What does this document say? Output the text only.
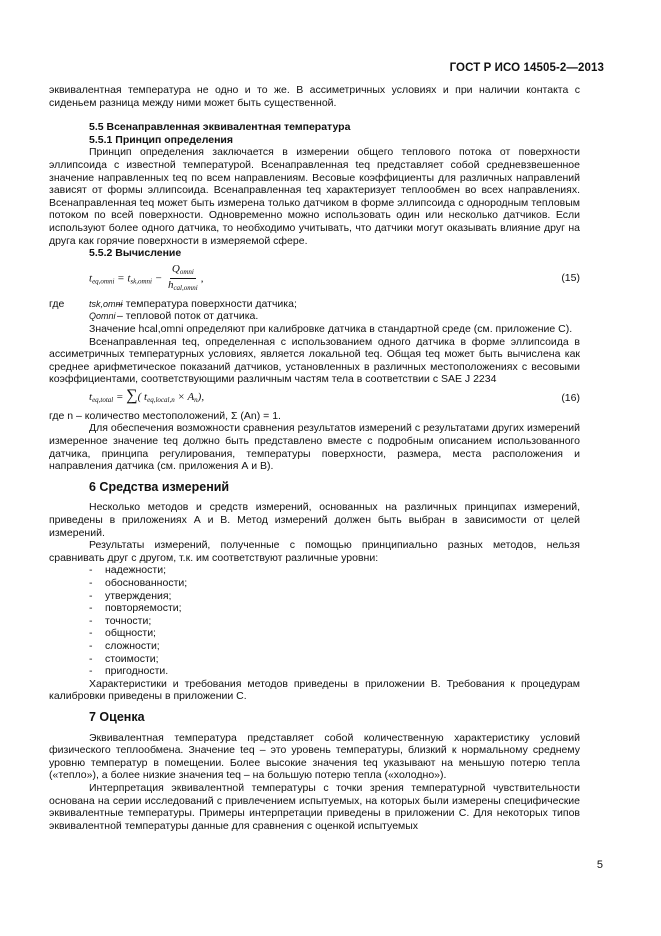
ГОСТ Р ИСО 14505-2—2013

эквивалентная температура не одно и то же. В ассиметричных условиях и при наличии контакта с сиденьем разница между ними может быть существенной.

5.5 Всенаправленная эквивалентная температура

5.5.1 Принцип определения

Принцип определения заключается в измерении общего теплового потока от поверхности эллипсоида с известной температурой. Всенаправленная teq представляет собой средневзвешенное значение направленных teq по всем направлениям. Весовые коэффициенты для различных направлений зависят от формы эллипсоида. Всенаправленная teq характеризует теплообмен во всех направлениях. Всенаправленная teq может быть измерена только датчиком в форме эллипсоида с однородным тепловым потоком по всей поверхности. Одновременно можно использовать один или несколько датчиков. Если используют более одного датчика, то необходимо учитывать, что датчики могут оказывать влияние друг на друга как горячие поверхности в измеряемой сфере.

5.5.2 Вычисление

$t_{eq,omni} = t_{sk,omni} - \frac{Q_{omni}}{h_{cal,omni}}$ ,	(15)
где	tsk,omni
– температура поверхности датчика;
Qomni – тепловой поток от датчика.

Значение hcal,omni определяют при калибровке датчика в стандартной среде (см. приложение С).

Всенаправленная teq, определенная с использованием одного датчика в форме эллипсоида в ассиметричных температурных условиях, является локальной teq. Общая teq может быть вычислена как среднее арифметическое показаний датчиков, установленных в различных местоположениях с весовыми коэффициентами, соответствующими различным частям тела в соответствии с SAE J 2234

$t_{eq,total}$ = ∑( $t_{eq,local,n} \times A_n$),	(16)

где n – количество местоположений, Σ (An) = 1.

Для обеспечения возможности сравнения результатов измерений с результатами других измерений измеренное значение teq должно быть представлено вместе с подробным описанием использованного датчика, принципа регулирования, температуры поверхности, размера, места расположения и направления датчика (см. приложения А и В).

6 Средства измерений

Несколько методов и средств измерений, основанных на различных принципах измерений, приведены в приложениях А и В. Метод измерений должен быть выбран в зависимости от целей измерений.

Результаты измерений, полученные с помощью принципиально разных методов, нельзя сравнивать друг с другом, т.к. им соответствуют различные уровни:

- надежности;
- обоснованности;
- утверждения;
- повторяемости;
- точности;
- общности;
- сложности;
- стоимости;
- пригодности.

Характеристики и требования методов приведены в приложении В. Требования к процедурам калибровки приведены в приложении С.

7 Оценка

Эквивалентная температура представляет собой количественную характеристику условий физического теплообмена. Значение teq – это уровень температуры, близкий к нормальному среднему уровню температур в помещении. Более высокие значения teq указывают на меньшую потерю тепла («тепло»), а более низкие значения teq – на большую потерю тепла («холодно»).

Интерпретация эквивалентной температуры с точки зрения температурной чувствительности основана на серии исследований с привлечением испытуемых, на которых были измерены специфические эквивалентные температуры. Примеры интерпретации приведены в приложении С. Для некоторых типов эквивалентной температуры данные для сравнения с оценкой испытуемых

5
